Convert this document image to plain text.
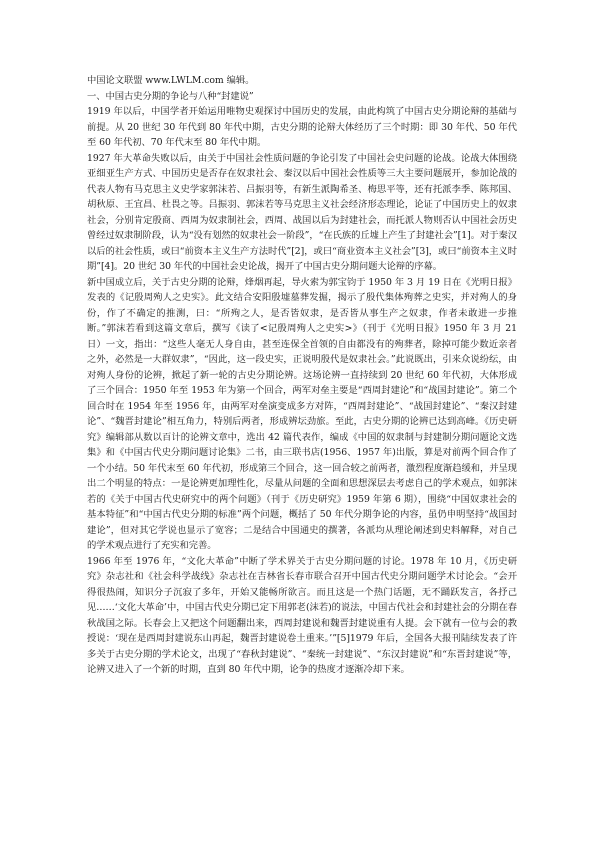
中国论文联盟 www.LWLM.com 编辑。

一、中国古史分期的争论与八种“封建说”

1919 年以后，中国学者开始运用唯物史观探讨中国历史的发展，由此构筑了中国古史分期论辩的基础与前提。从 20 世纪 30 年代到 80 年代中期，古史分期的论辩大体经历了三个时期：即 30 年代、50 年代至 60 年代初、70 年代末至 80 年代中期。

1927 年大革命失败以后，由关于中国社会性质问题的争论引发了中国社会史问题的论战。论战大体围绕亚细亚生产方式、中国历史是否存在奴隶社会、秦汉以后中国社会性质等三大主要问题展开，参加论战的代表人物有马克思主义史学家郭沫若、吕振羽等，有新生派陶希圣、梅思平等，还有托派李季、陈邦国、胡秋原、王宜昌、杜畏之等。吕振羽、郭沫若等马克思主义社会经济形态理论，论证了中国历史上的奴隶社会，分别肯定殷商、西周为奴隶制社会，西周、战国以后为封建社会，而托派人物则否认中国社会历史曾经过奴隶制阶段，认为“没有划然的奴隶社会一阶段”，“在氏族的丘墟上产生了封建社会”[1]。对于秦汉以后的社会性质，或曰“前资本主义生产方法时代”[2]，或曰“商业资本主义社会”[3]，或曰“前资本主义时期”[4]。20 世纪 30 年代的中国社会史论战，揭开了中国古史分期问题大论辩的序幕。

新中国成立后，关于古史分期的论辩，烽烟再起，导火索为郭宝钧于 1950 年 3 月 19 日在《光明日报》发表的《记殷周殉人之史实》。此文结合安阳殷墟墓葬发掘，揭示了殷代集体殉葬之史实，并对殉人的身份，作了不确定的推测，曰：“所殉之人，是否皆奴隶，是否皆从事生产之奴隶，作者未敢进一步推断。”郭沫若看到这篇文章后，撰写《读了<记殷周殉人之史实>》（刊于《光明日报》1950 年 3 月 21 日）一文，指出：“这些人毫无人身自由，甚至连保全首领的自由都没有的殉葬者，除掉可能少数近亲者之外，必然是一大群奴隶”，“因此，这一段史实，正说明殷代是奴隶社会。”此说既出，引来众说纷纭，由对殉人身份的论辨，掀起了新一轮的古史分期论辨。这场论辨一直持续到 20 世纪 60 年代初，大体形成了三个回合：1950 年至 1953 年为第一个回合，两军对垒主要是“西周封建论”和“战国封建论”。第二个回合时在 1954 年至 1956 年，由两军对垒演变成多方对阵，“西周封建论”、“战国封建论”、“秦汉封建论”、“魏晋封建论”相互角力，特别后两者，形成辨坛劲旅。至此，古史分期的论辨已达到高峰。《历史研究》编辑部从数以百计的论辨文章中，选出 42 篇代表作，编成《中国的奴隶制与封建制分期问题论文选集》和《中国古代史分期问题讨论集》二书，由三联书店(1956、1957 年)出版，算是对前两个回合作了一个小结。50 年代末至 60 年代初，形成第三个回合，这一回合较之前两者，激烈程度渐趋缓和，并呈现出二个明显的特点：一是论辨更加理性化，尽量从问题的全面和思想深层去考虑自己的学术观点，如郭沫若的《关于中国古代史研究中的两个问题》（刊于《历史研究》1959 年第 6 期），围绕“中国奴隶社会的基本特征”和“中国古代史分期的标准”两个问题，概括了 50 年代分期争论的内容，虽仍申明坚持“战国封建论”，但对其它学说也显示了宽容；二是结合中国通史的撰著，各派均从理论阐述到史料解释，对自己的学术观点进行了充实和完善。

1966 年至 1976 年，“文化大革命”中断了学术界关于古史分期问题的讨论。1978 年 10 月，《历史研究》杂志社和《社会科学战线》杂志社在吉林省长春市联合召开中国古代史分期问题学术讨论会。“会开得很热闹，知识分子沉寂了多年，开始又能畅所欲言。而且这是一个热门话题，无不踊跃发言，各抒己见……‘文化大革命’中，中国古代史分期已定下用郭老(沫若)的说法，中国古代社会和封建社会的分期在春秋战国之际。长春会上又把这个问题翻出来，西周封建说和魏晋封建说重有人提。会下就有一位与会的教授说：‘现在是西周封建说东山再起，魏晋封建说卷土重来。’”[5]1979 年后，全国各大报刊陆续发表了许多关于古史分期的学术论文，出现了“春秋封建说”、“秦统一封建说”、“东汉封建说”和“东晋封建说”等，论辨又进入了一个新的时期，直到 80 年代中期，论争的热度才逐渐冷却下来。
